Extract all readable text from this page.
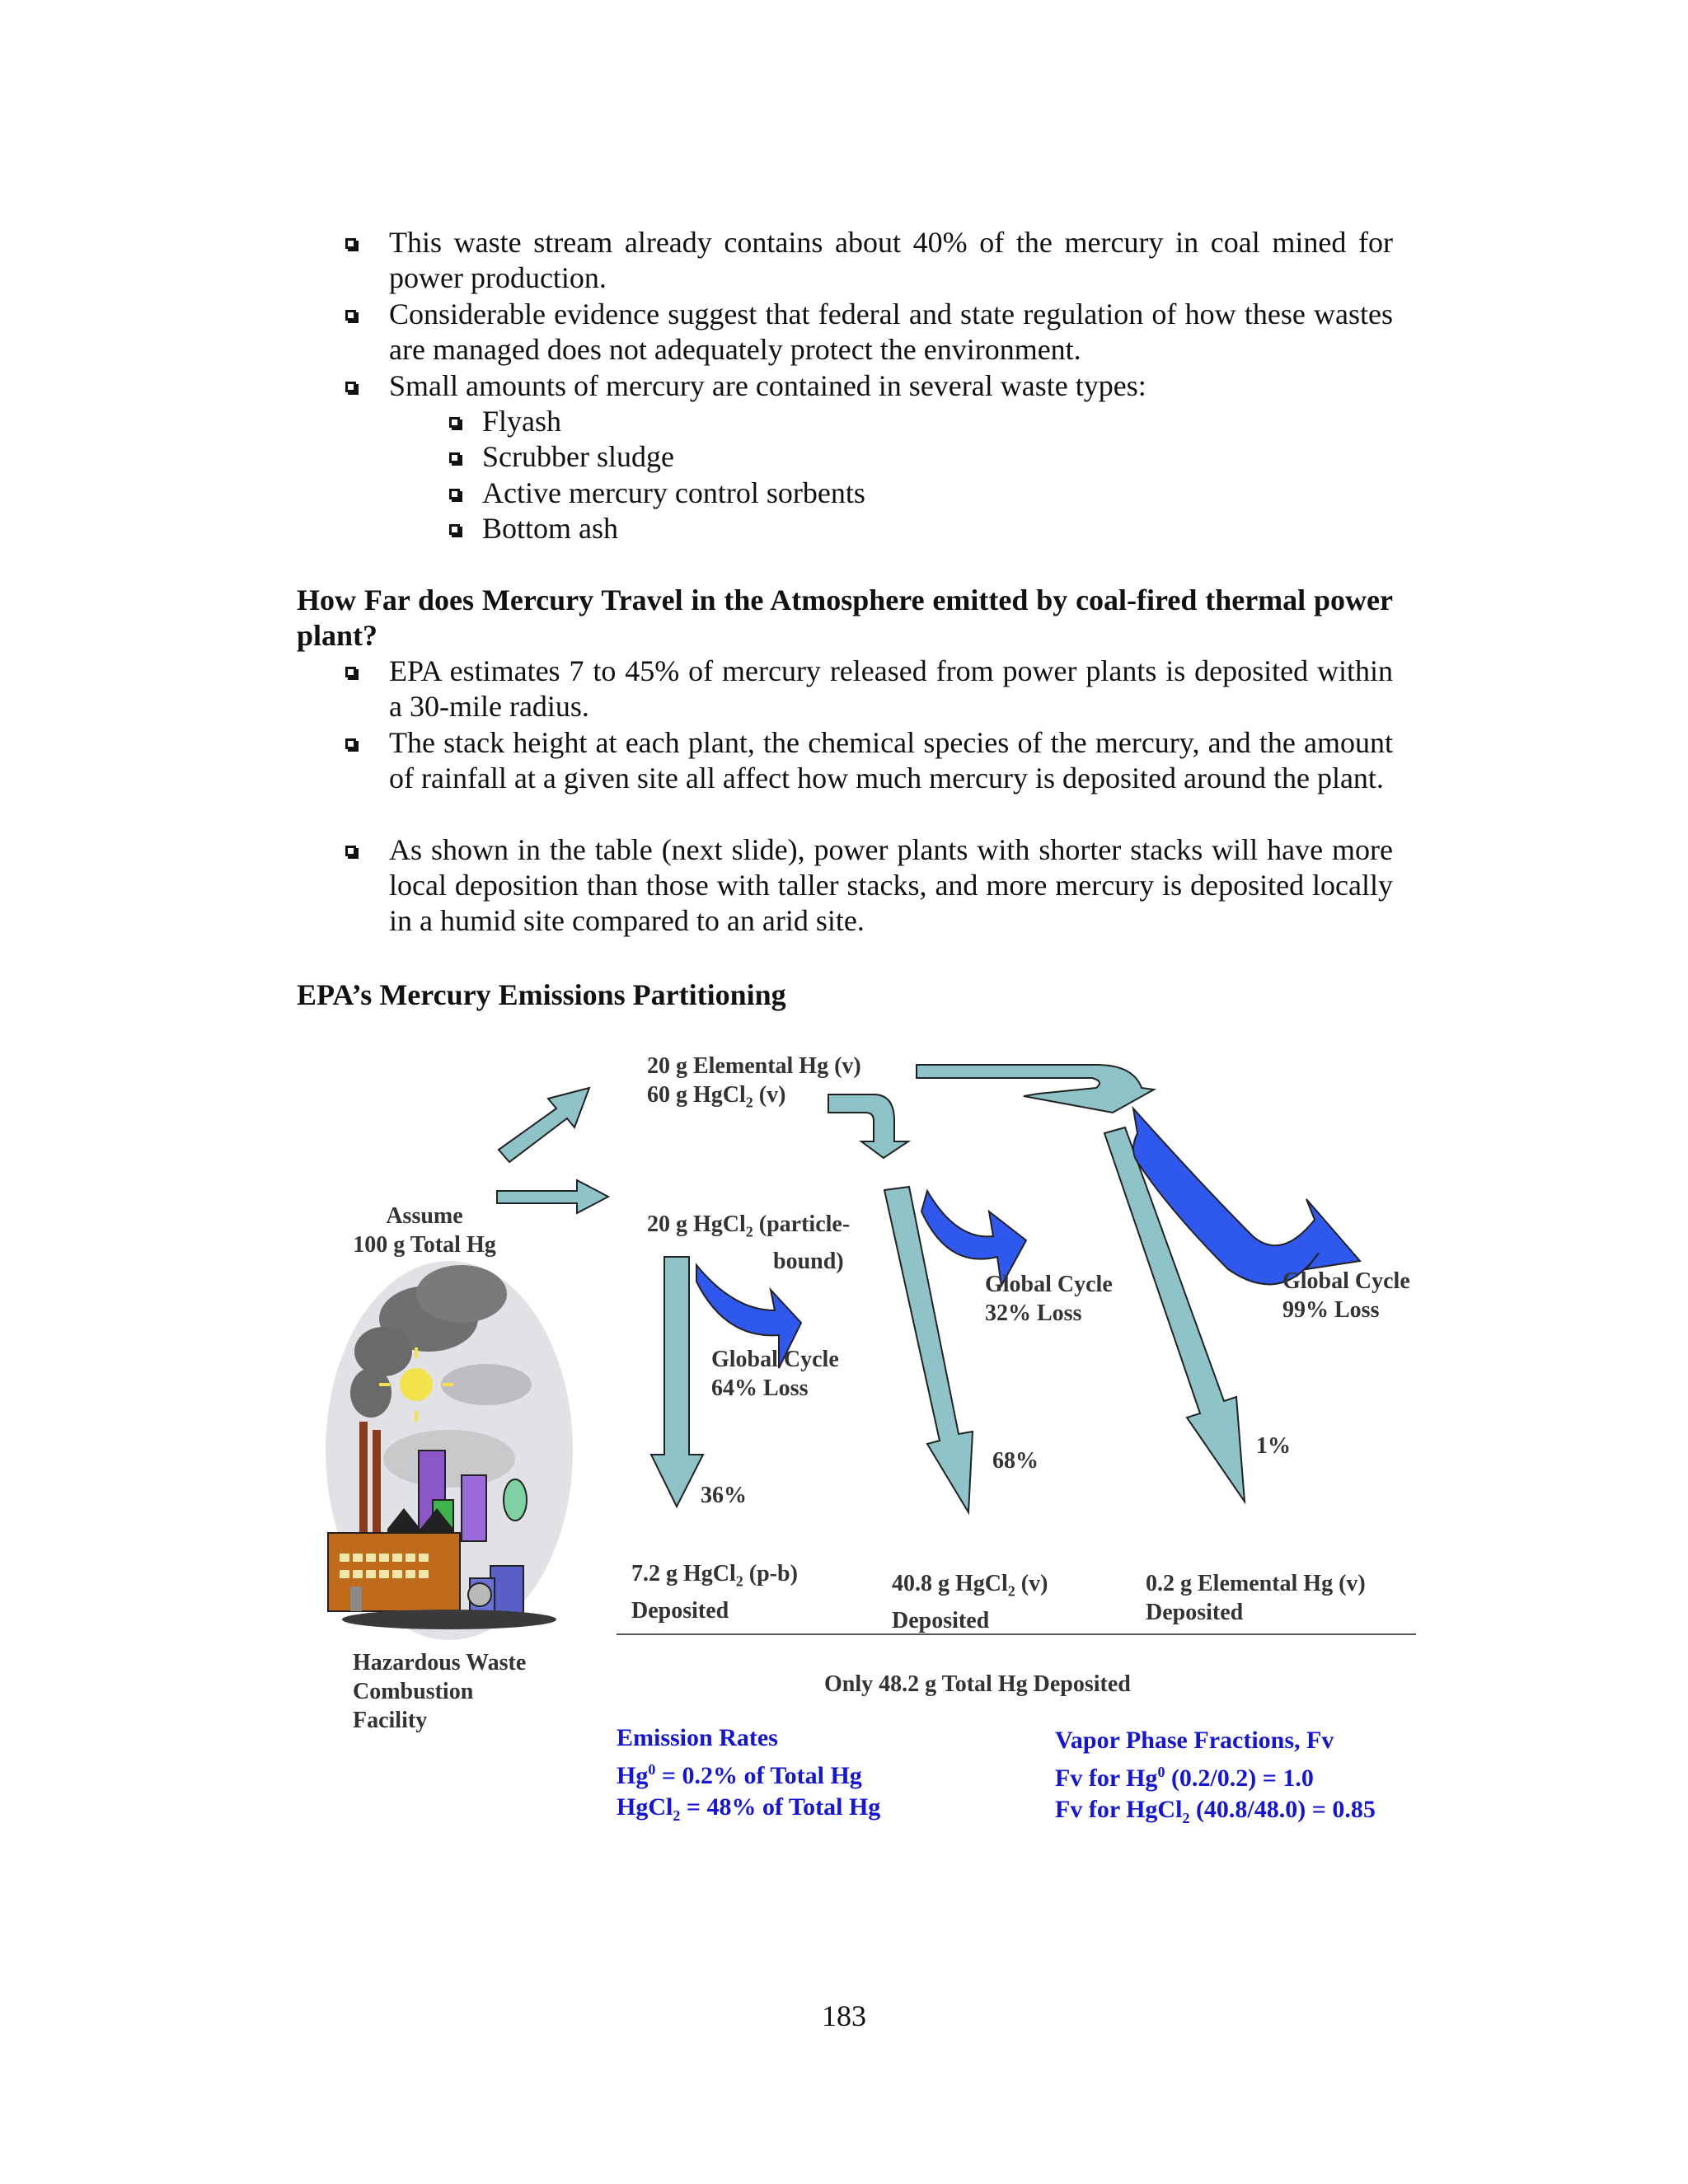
This waste stream already contains about 40% of the mercury in coal mined for power production.
Considerable evidence suggest that federal and state regulation of how these wastes are managed does not adequately protect the environment.
Small amounts of mercury are contained in several waste types:
Flyash
Scrubber sludge
Active mercury control sorbents
Bottom ash
How Far does Mercury Travel in the Atmosphere emitted by coal-fired thermal power plant?
EPA estimates 7 to 45% of mercury released from power plants is deposited within a 30-mile radius.
The stack height at each plant, the chemical species of the mercury, and the amount of rainfall at a given site all affect how much mercury is deposited around the plant.
As shown in the table (next slide), power plants with shorter stacks will have more local deposition than those with taller stacks, and more mercury is deposited locally in a humid site compared to an arid site.
EPA’s Mercury Emissions Partitioning
20 g Elemental Hg (v)
60 g HgCl$_2$ (v)
Assume
100 g Total Hg
20 g HgCl$_2$ (particle-
bound)
Global Cycle
32% Loss
Global Cycle
99% Loss
Global Cycle
64% Loss
1%
68%
36%
7.2 g HgCl$_2$ (p-b)
Deposited
40.8 g HgCl$_2$ (v)
Deposited
0.2 g Elemental Hg (v)
Deposited
Hazardous Waste
Combustion
Facility
Only 48.2 g Total Hg Deposited
Emission Rates
$Hg^0 = 0.2\%$ of Total Hg
HgCl$_2$ = 48% of Total Hg
Vapor Phase Fractions, Fv
Fv for Hg$^0$ (0.2/0.2) = 1.0
Fv for HgCl$_2$ (40.8/48.0) = 0.85
183
